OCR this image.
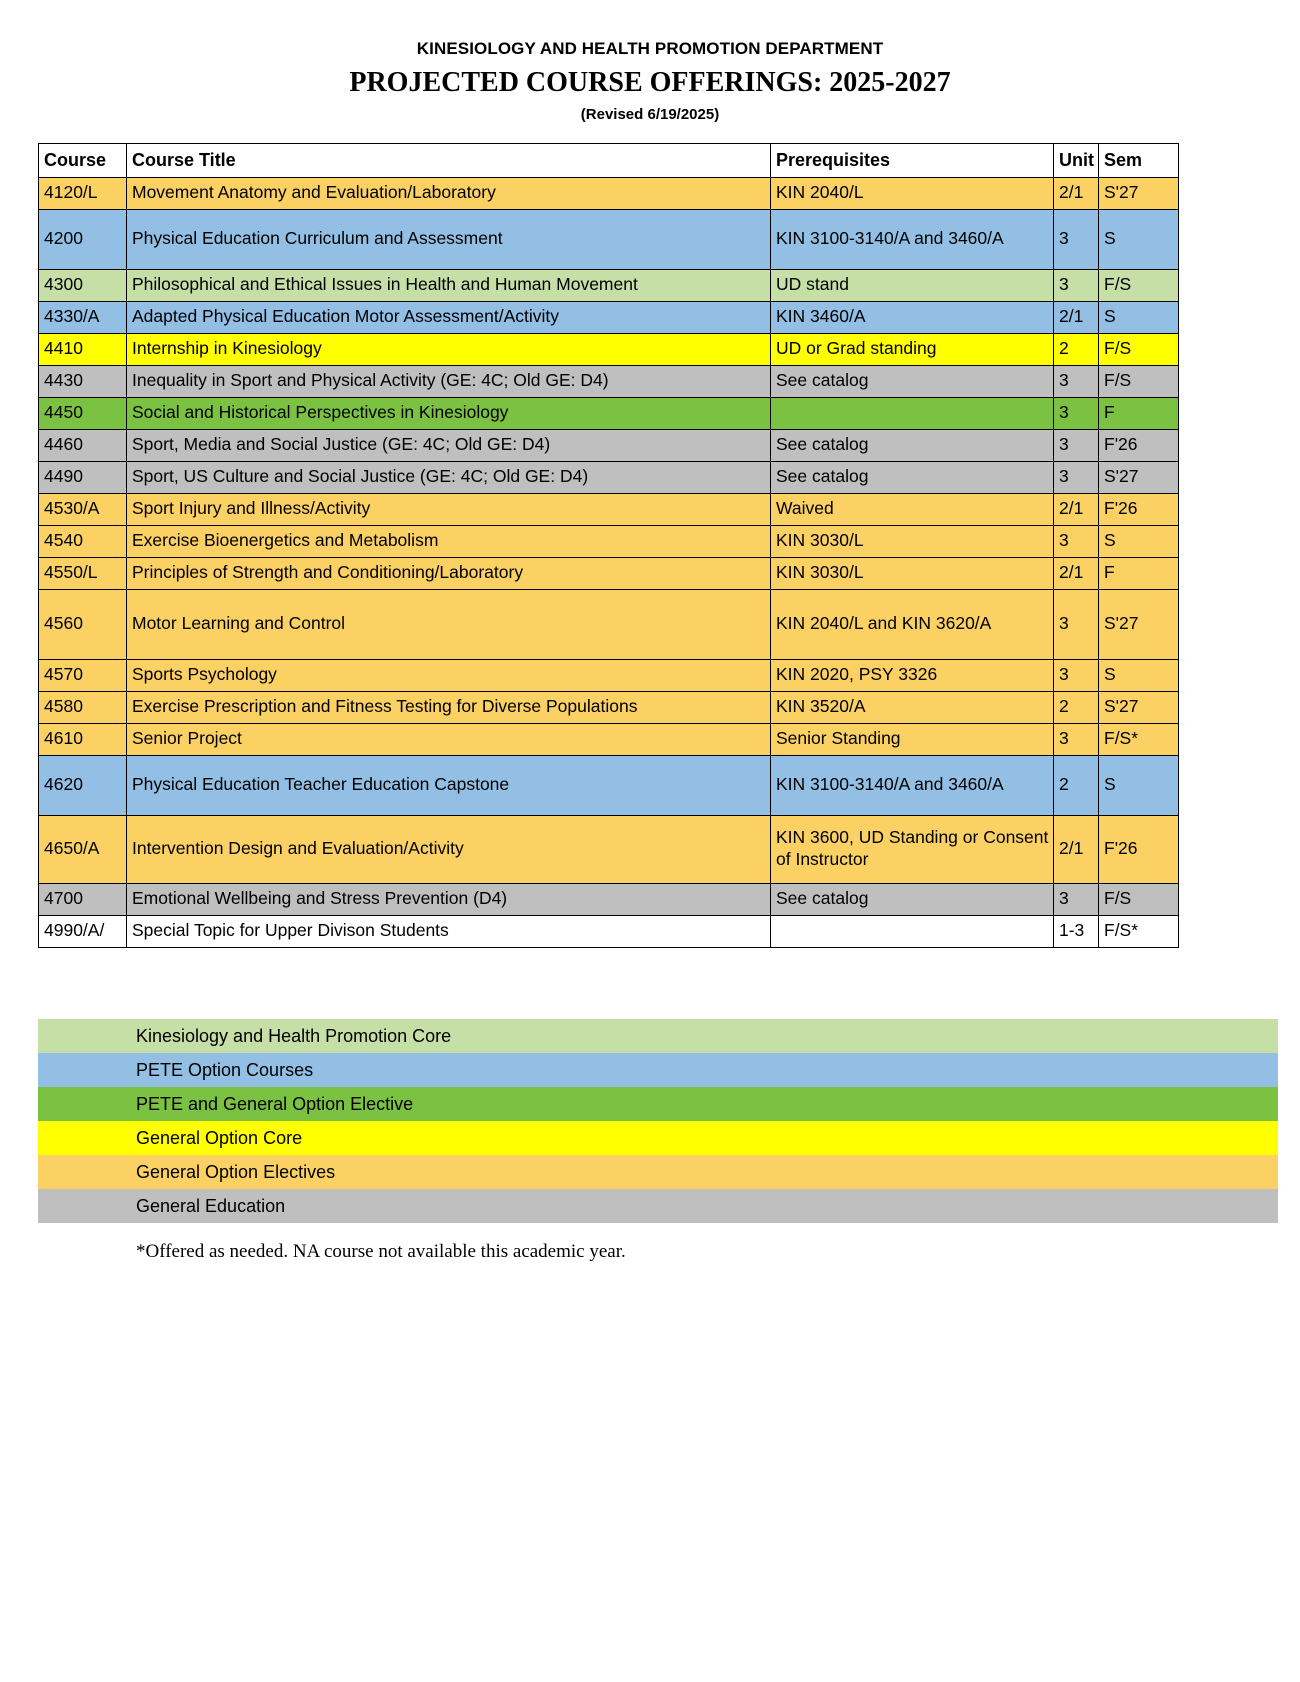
KINESIOLOGY AND HEALTH PROMOTION DEPARTMENT
PROJECTED COURSE OFFERINGS: 2025-2027
(Revised 6/19/2025)
Course	Course Title	Prerequisites	Unit	Sem
4120/L	Movement Anatomy and Evaluation/Laboratory	KIN 2040/L	2/1	S'27
4200	Physical Education Curriculum and Assessment	KIN 3100-3140/A and 3460/A	3	S
4300	Philosophical and Ethical Issues in Health and Human Movement	UD stand	3	F/S
4330/A	Adapted Physical Education Motor Assessment/Activity	KIN 3460/A	2/1	S
4410	Internship in Kinesiology	UD or Grad standing	2	F/S
4430	Inequality in Sport and Physical Activity (GE: 4C; Old GE: D4)	See catalog	3	F/S
4450	Social and Historical Perspectives in Kinesiology		3	F
4460	Sport, Media and Social Justice (GE: 4C; Old GE: D4)	See catalog	3	F'26
4490	Sport, US Culture and Social Justice (GE: 4C; Old GE: D4)	See catalog	3	S'27
4530/A	Sport Injury and Illness/Activity	Waived	2/1	F'26
4540	Exercise Bioenergetics and Metabolism	KIN 3030/L	3	S
4550/L	Principles of Strength and Conditioning/Laboratory	KIN 3030/L	2/1	F
4560	Motor Learning and Control	KIN 2040/L and KIN 3620/A	3	S'27
4570	Sports Psychology	KIN 2020, PSY 3326	3	S
4580	Exercise Prescription and Fitness Testing for Diverse Populations	KIN 3520/A	2	S'27
4610	Senior Project	Senior Standing	3	F/S*
4620	Physical Education Teacher Education Capstone	KIN 3100-3140/A and 3460/A	2	S
4650/A	Intervention Design and Evaluation/Activity	KIN 3600, UD Standing or Consent of Instructor	2/1	F'26
4700	Emotional Wellbeing and Stress Prevention (D4)	See catalog	3	F/S
4990/A/	Special Topic for Upper Divison Students		1-3	F/S*
Kinesiology and Health Promotion Core
PETE Option Courses
PETE and General Option Elective
General Option Core
General Option Electives
General Education
*Offered as needed. NA course not available this academic year.
